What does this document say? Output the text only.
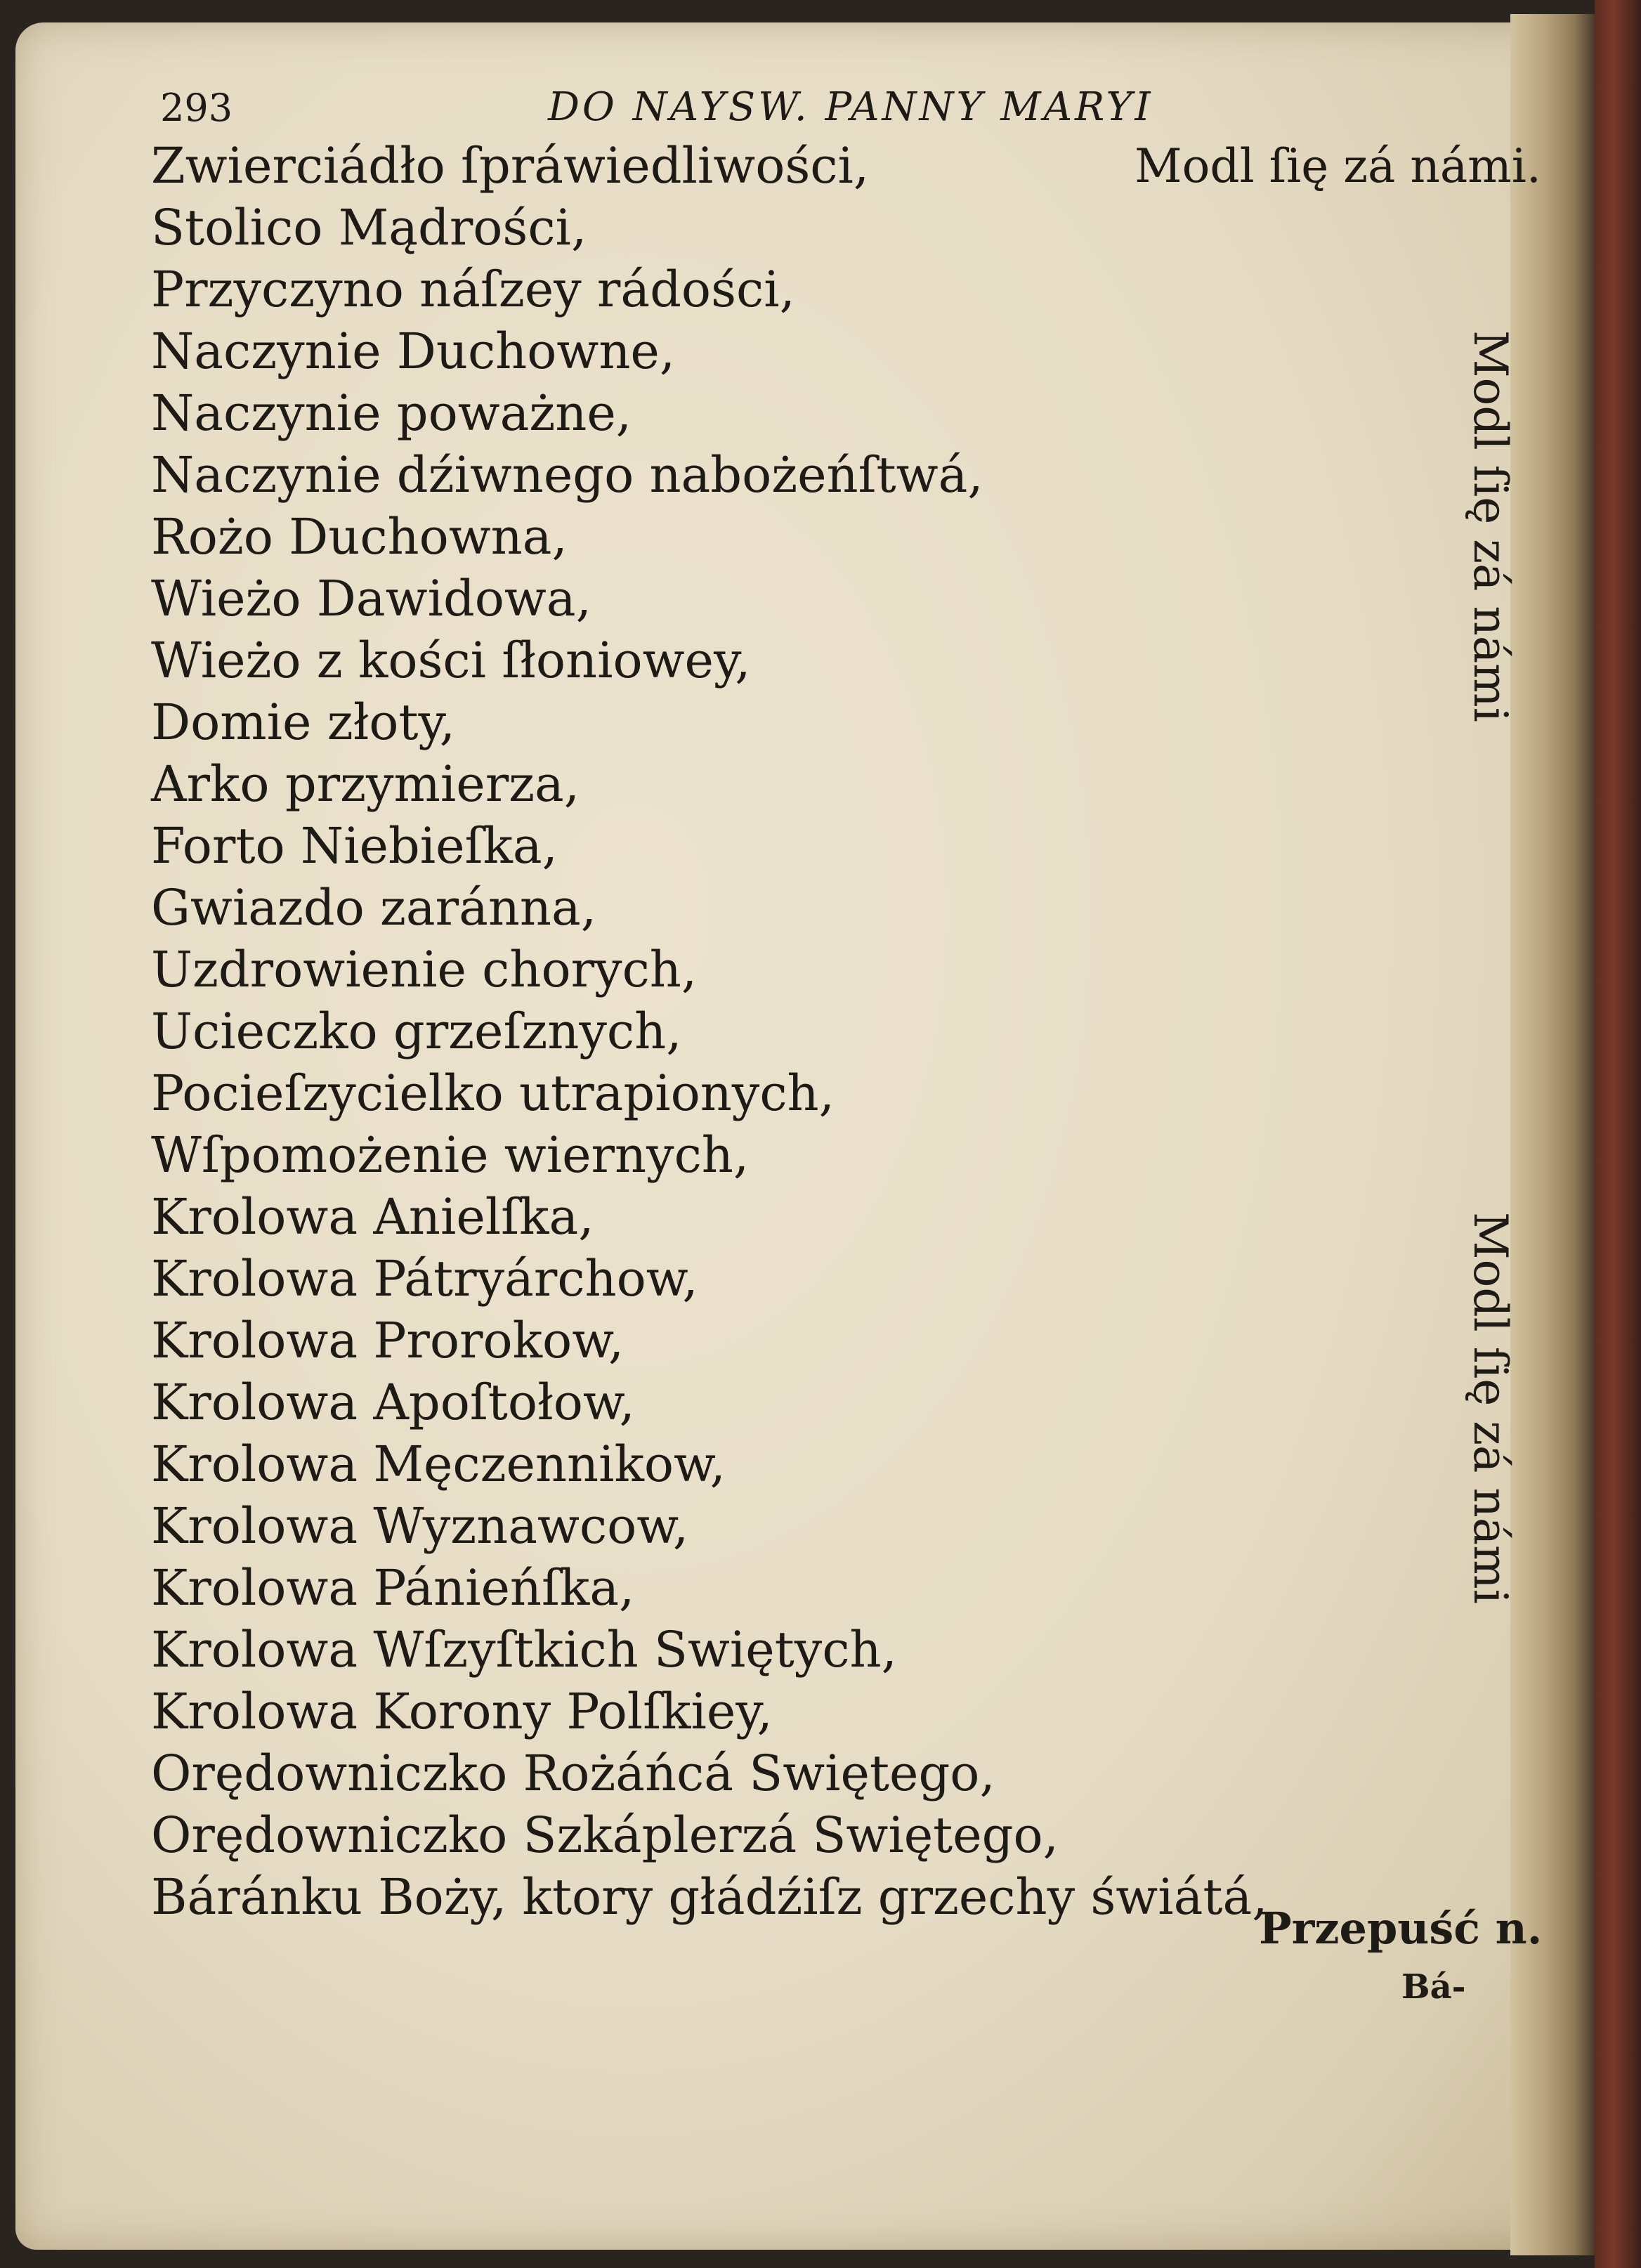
293	DO NAYSW. PANNY MARYI
Zwierciádło ſpráwiedliwości,
Stolico Mądrości,
Przyczyno náſzey rádości,
Naczynie Duchowne,
Naczynie poważne,
Naczynie dźiwnego nabożeńſtwá,
Rożo Duchowna,
Wieżo Dawidowa,
Wieżo z kości ſłoniowey,
Domie złoty,
Arko przymierza,
Forto Niebieſka,
Gwiazdo zaránna,
Uzdrowienie chorych,
Ucieczko grzeſznych,
Pocieſzycielko utrapionych,
Wſpomożenie wiernych,
Krolowa Anielſka,
Krolowa Pátryárchow,
Krolowa Prorokow,
Krolowa Apoſtołow,
Krolowa Męczennikow,
Krolowa Wyznawcow,
Krolowa Pánieńſka,
Krolowa Wſzyſtkich Swiętych,
Krolowa Korony Polſkiey,
Orędowniczko Rożáńcá Swiętego,
Orędowniczko Szkáplerzá Swiętego,
Báránku Boży, ktory głádźiſz grzechy świátá,
Modl ſię zá námi.
Modl ſię zá námi
Modl ſię zá námi
Przepuść n.
Bá-
